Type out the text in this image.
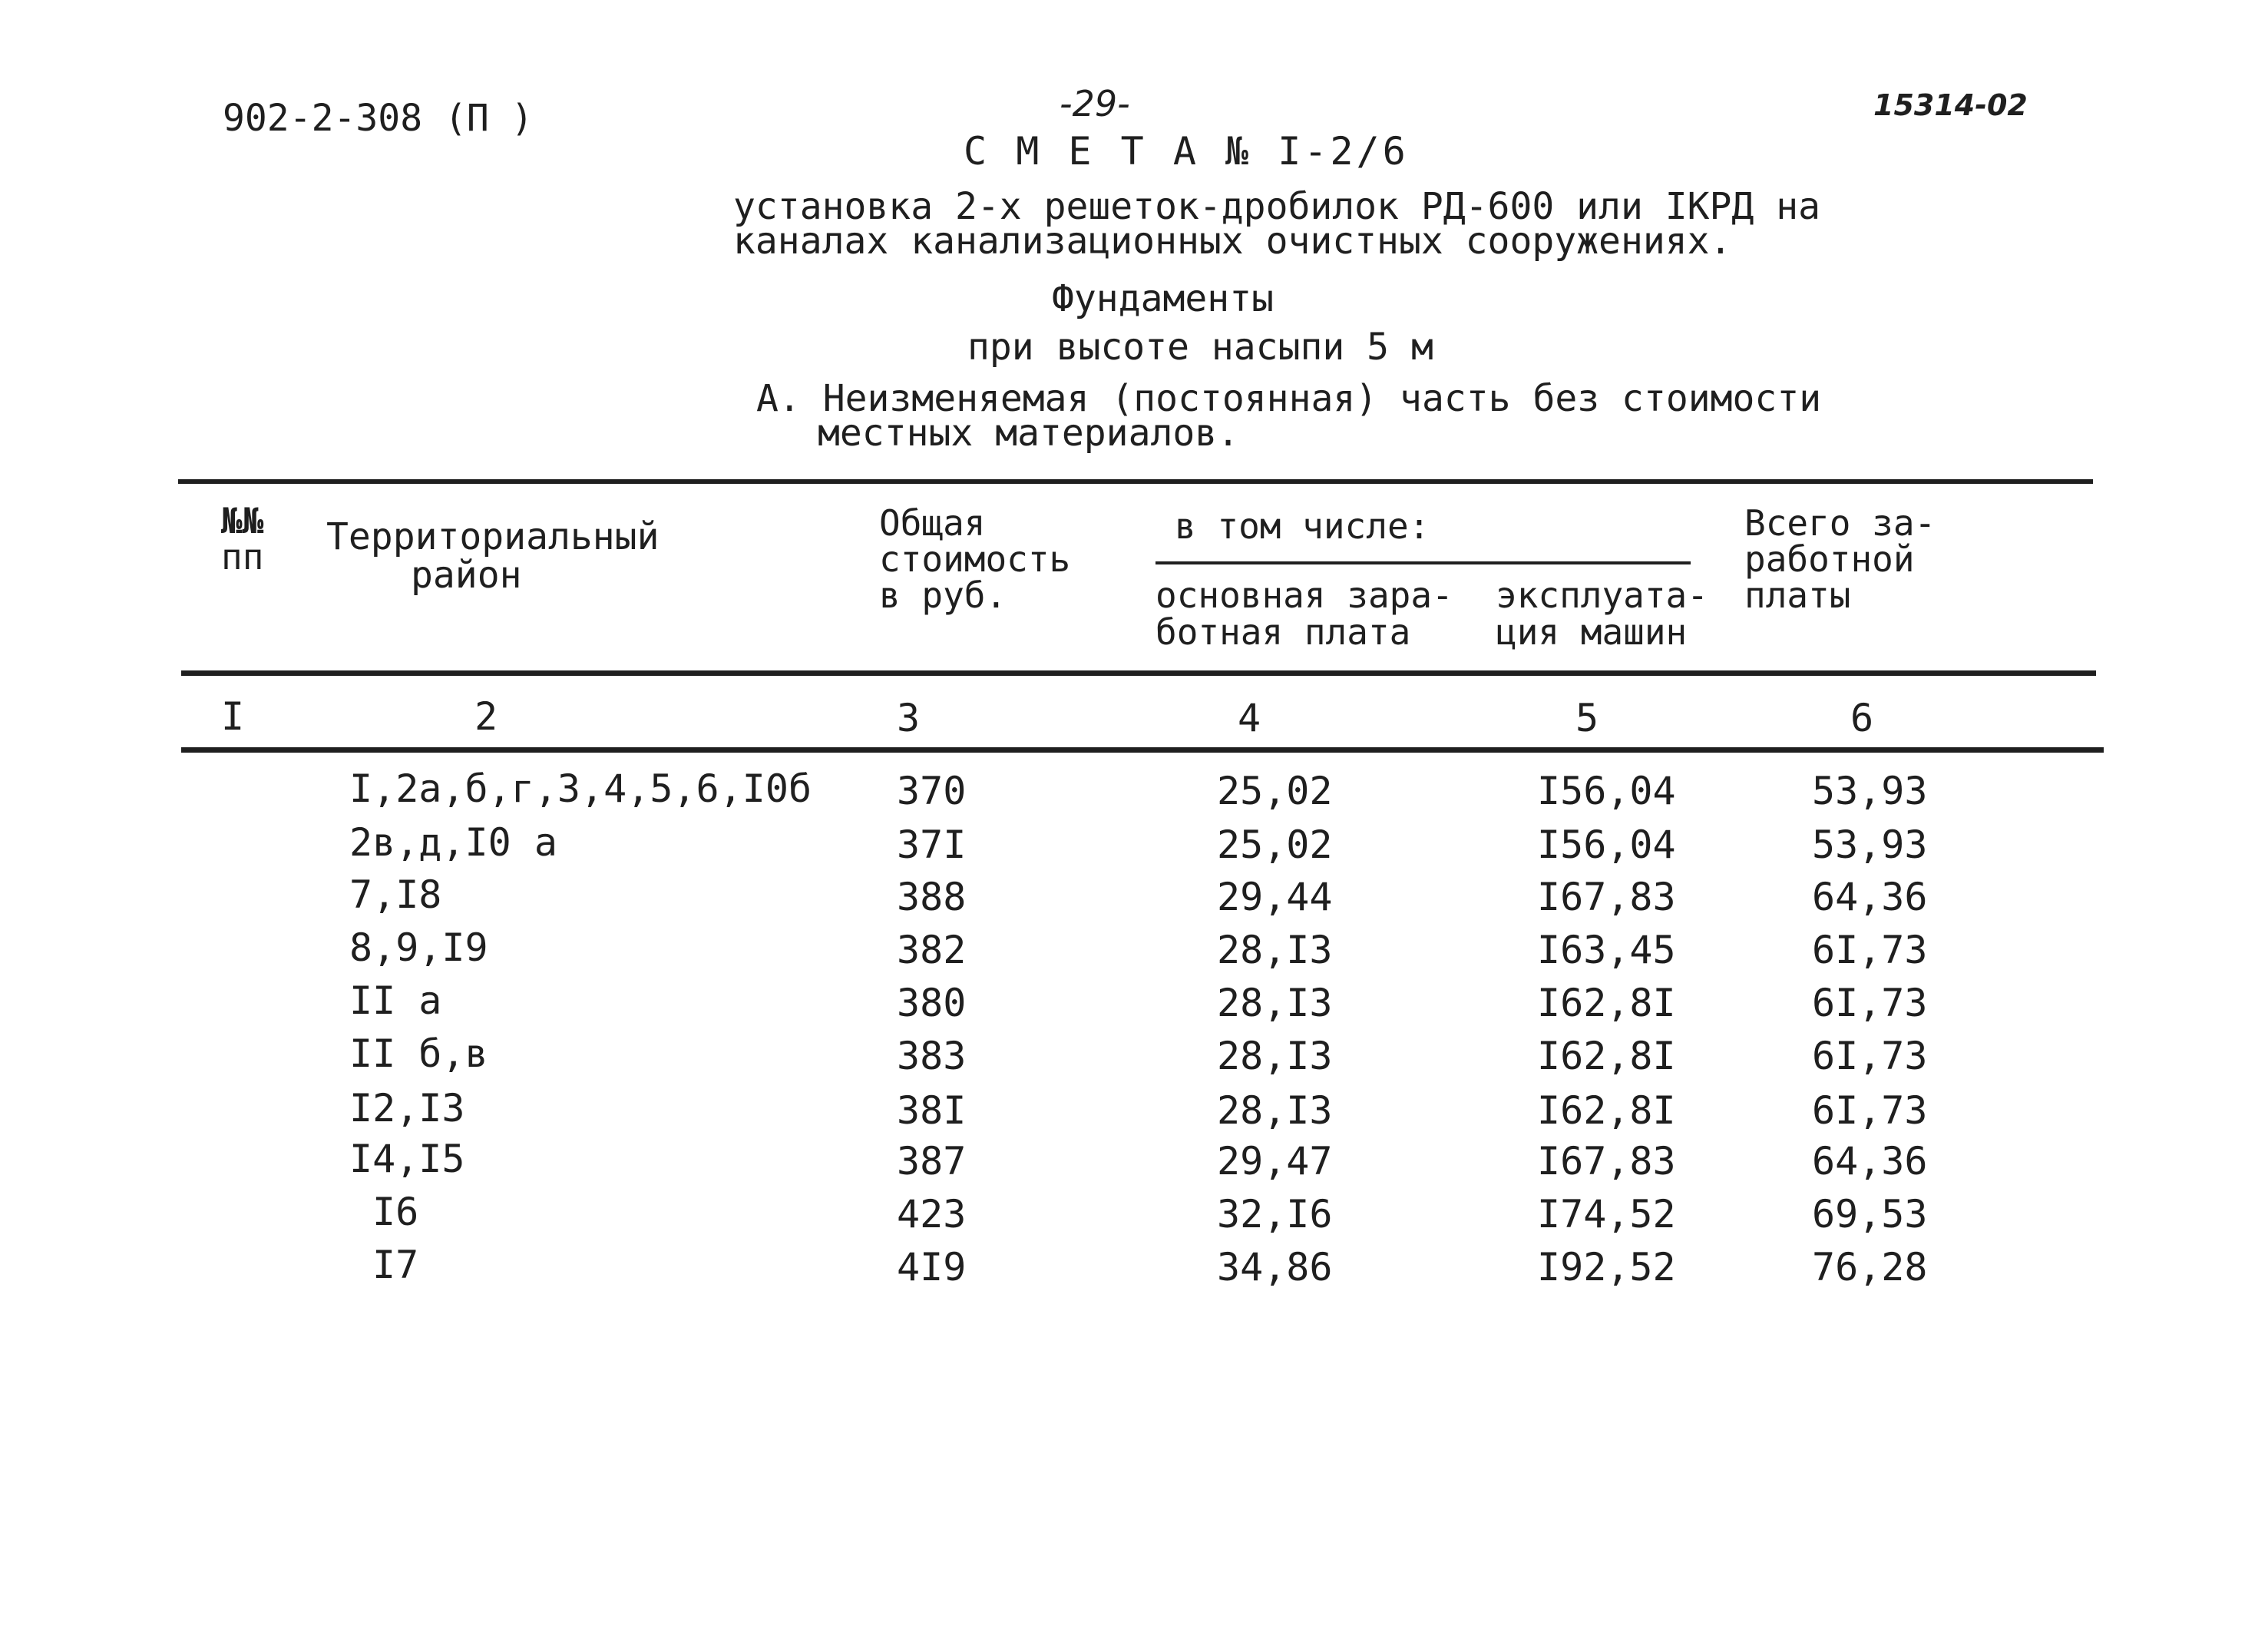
902-2-308 (П )	-29-	15314-02
С М Е Т А № I-2/6
установка 2-х решеток-дробилок РД-600 или IКРД на
каналах канализационных очистных сооружениях.
Фундаменты
при высоте насыпи 5 м
А. Неизменяемая (постоянная) часть без стоимости
местных материалов.
№№
пп Территориальный
район
Общая
стоимость
в руб.
в том числе:
основная зара-
ботная плата
эксплуата-
ция машин
Всего за-
работной
платы
I	2	3	4	5	6
I,2а,б,г,3,4,5,6,I0б 370	25,02	I56,04	53,93
2в,д,I0 а	37I	25,02	I56,04	53,93
7,I8	388	29,44	I67,83	64,36
8,9,I9	382	28,I3	I63,45	6I,73
II а	380	28,I3	I62,8I	6I,73
II б,в	383	28,I3	I62,8I	6I,73
I2,I3	38I	28,I3	I62,8I	6I,73
I4,I5	387	29,47	I67,83	64,36
I6	423	32,I6	I74,52	69,53
I7	4I9	34,86	I92,52	76,28
